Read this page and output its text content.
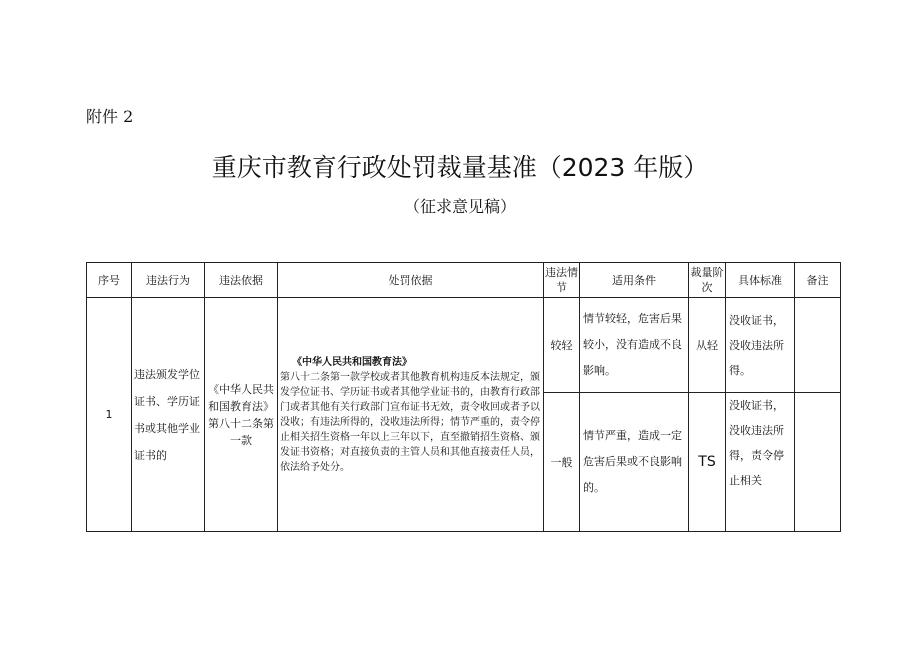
附件 2
重庆市教育行政处罚裁量基准（2023 年版）
（征求意见稿）
序号	违法行为	违法依据	处罚依据	违法情节	适用条件	裁量阶次	具体标准	备注
1	违法颁发学位证书、学历证书或其他学业证书的	《中华人民共和国教育法》第八十二条第一款	《中华人民共和国教育法》
第八十二条第一款学校或者其他教育机构违反本法规定，颁发学位证书、学历证书或者其他学业证书的，由教育行政部门或者其他有关行政部门宣布证书无效，责令收回或者予以没收；有违法所得的，没收违法所得；情节严重的，责令停止相关招生资格一年以上三年以下，直至撤销招生资格、颁发证书资格；对直接负责的主管人员和其他直接责任人员，依法给予处分。	较轻	情节较轻，危害后果较小，没有造成不良影响。	从轻	没收证书，没收违法所得。	
				一般	情节严重，造成一定危害后果或不良影响的。	TS	没收证书，没收违法所得，责令停止相关	
